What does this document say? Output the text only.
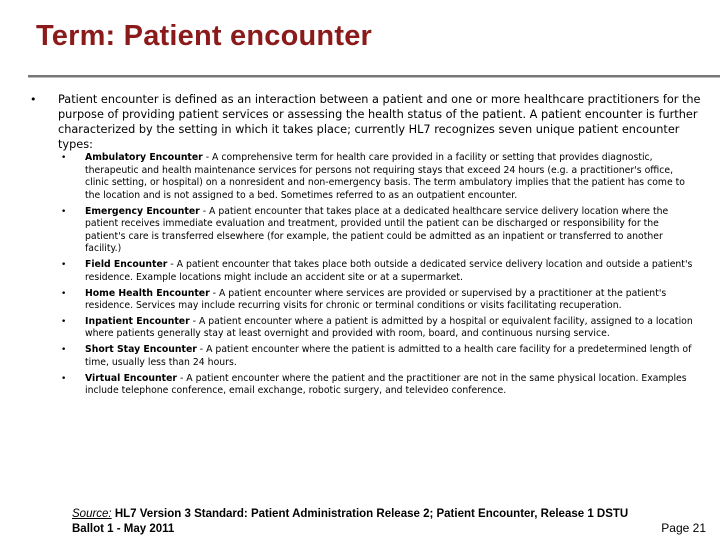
Term: Patient encounter
• Patient encounter is defined as an interaction between a patient and one or more healthcare practitioners for the purpose of providing patient services or assessing the health status of the patient. A patient encounter is further characterized by the setting in which it takes place; currently HL7 recognizes seven unique patient encounter types:
• Ambulatory Encounter - A comprehensive term for health care provided in a facility or setting that provides diagnostic, therapeutic and health maintenance services for persons not requiring stays that exceed 24 hours (e.g. a practitioner's office, clinic setting, or hospital) on a nonresident and non-emergency basis. The term ambulatory implies that the patient has come to the location and is not assigned to a bed. Sometimes referred to as an outpatient encounter.
• Emergency Encounter - A patient encounter that takes place at a dedicated healthcare service delivery location where the patient receives immediate evaluation and treatment, provided until the patient can be discharged or responsibility for the patient's care is transferred elsewhere (for example, the patient could be admitted as an inpatient or transferred to another facility.)
• Field Encounter - A patient encounter that takes place both outside a dedicated service delivery location and outside a patient's residence. Example locations might include an accident site or at a supermarket.
• Home Health Encounter - A patient encounter where services are provided or supervised by a practitioner at the patient's residence. Services may include recurring visits for chronic or terminal conditions or visits facilitating recuperation.
• Inpatient Encounter - A patient encounter where a patient is admitted by a hospital or equivalent facility, assigned to a location where patients generally stay at least overnight and provided with room, board, and continuous nursing service.
• Short Stay Encounter - A patient encounter where the patient is admitted to a health care facility for a predetermined length of time, usually less than 24 hours.
• Virtual Encounter - A patient encounter where the patient and the practitioner are not in the same physical location. Examples include telephone conference, email exchange, robotic surgery, and televideo conference.
Source: HL7 Version 3 Standard: Patient Administration Release 2; Patient Encounter, Release 1 DSTU Ballot 1 - May 2011	Page 21
